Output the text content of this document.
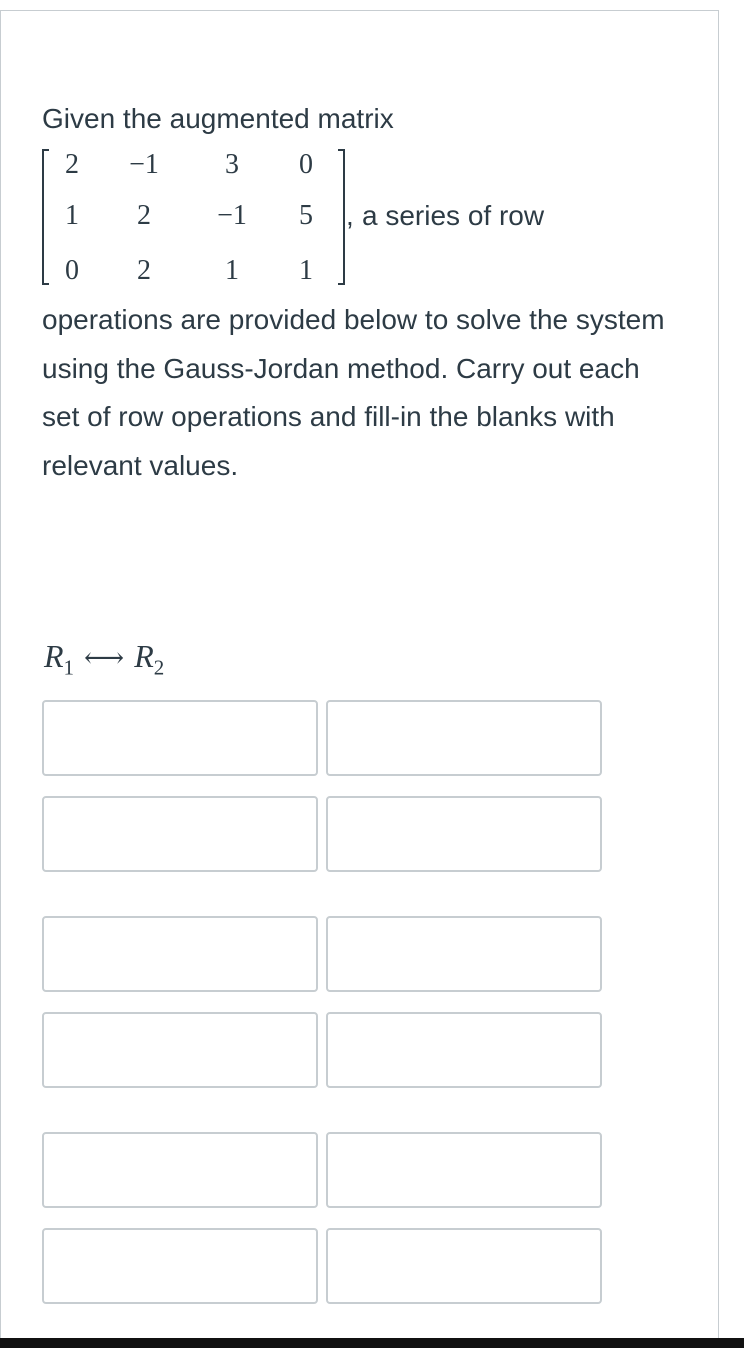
Given the augmented matrix
2 −1 3 0
1 2 −1 5
0 2	1 1
, a series of row

operations are provided below to solve the system using the Gauss-Jordan method. Carry out each set of row operations and fill-in the blanks with relevant values.

$R_1$ ⟷ $R_2$
